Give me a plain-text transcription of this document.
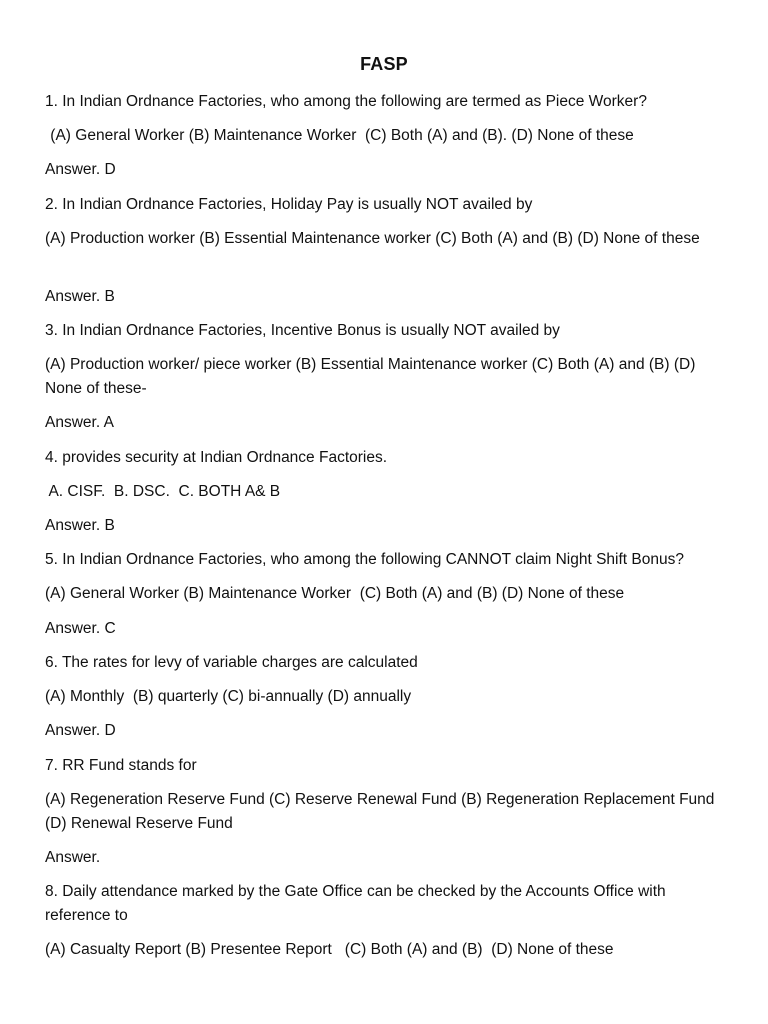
FASP
1. In Indian Ordnance Factories, who among the following are termed as Piece Worker?
(A) General Worker (B) Maintenance Worker  (C) Both (A) and (B). (D) None of these
Answer. D
2. In Indian Ordnance Factories, Holiday Pay is usually NOT availed by
(A) Production worker (B) Essential Maintenance worker (C) Both (A) and (B) (D) None of these
Answer. B
3. In Indian Ordnance Factories, Incentive Bonus is usually NOT availed by
(A) Production worker/ piece worker (B) Essential Maintenance worker (C) Both (A) and (B) (D) None of these-
Answer. A
4. provides security at Indian Ordnance Factories.
A. CISF.  B. DSC.  C. BOTH A& B
Answer. B
5. In Indian Ordnance Factories, who among the following CANNOT claim Night Shift Bonus?
(A) General Worker (B) Maintenance Worker  (C) Both (A) and (B) (D) None of these
Answer. C
6. The rates for levy of variable charges are calculated
(A) Monthly  (B) quarterly (C) bi-annually (D) annually
Answer. D
7. RR Fund stands for
(A) Regeneration Reserve Fund (C) Reserve Renewal Fund (B) Regeneration Replacement Fund (D) Renewal Reserve Fund
Answer.
8. Daily attendance marked by the Gate Office can be checked by the Accounts Office with reference to
(A) Casualty Report (B) Presentee Report   (C) Both (A) and (B)  (D) None of these
